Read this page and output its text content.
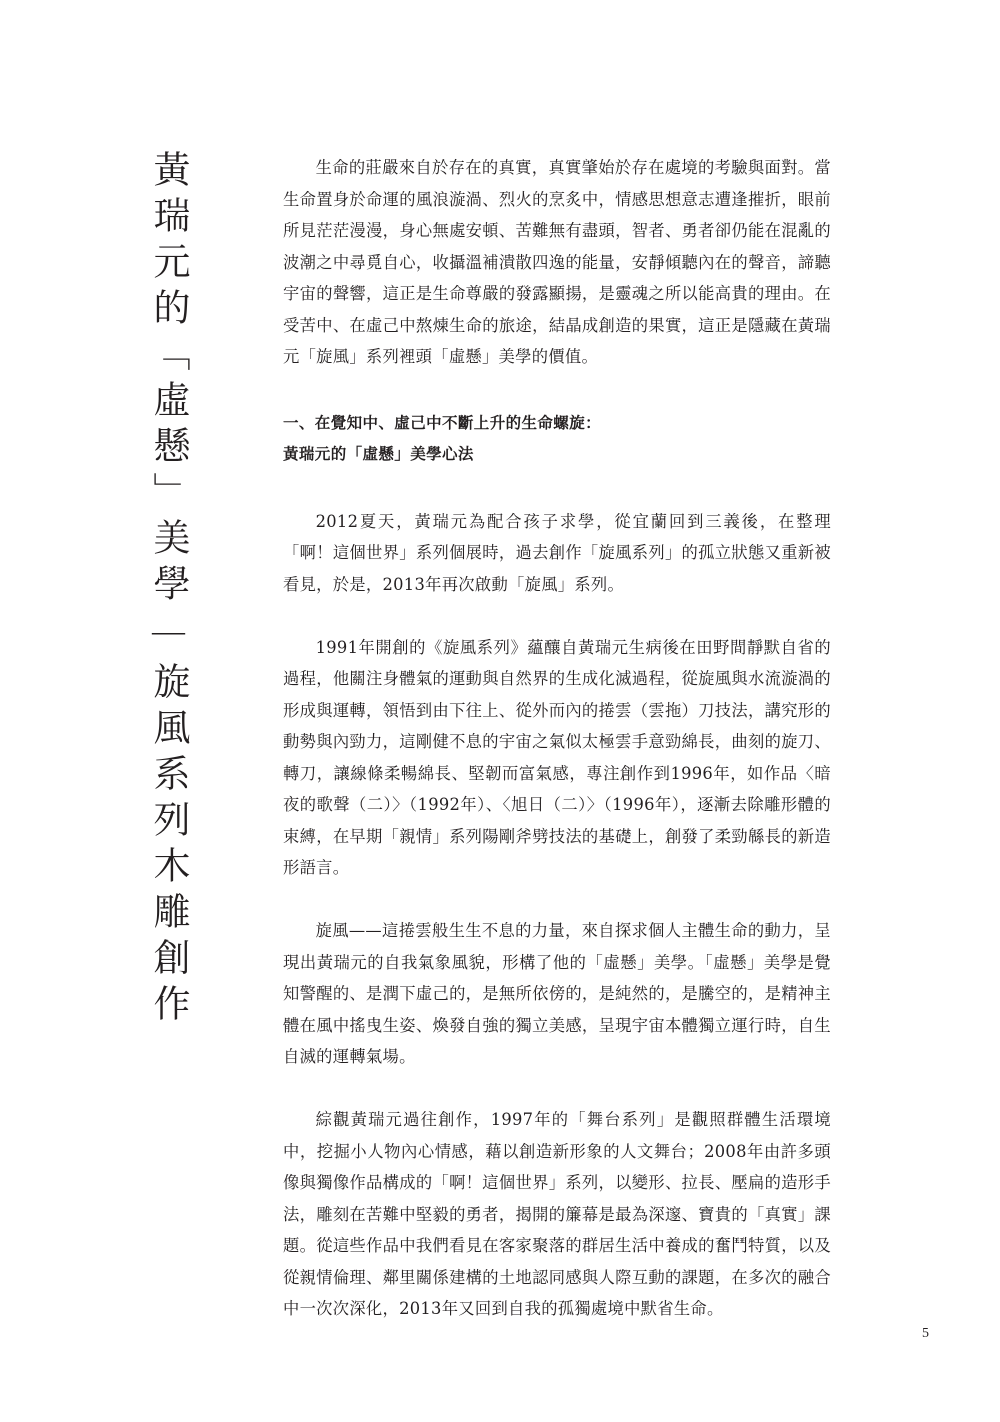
黃瑞元的「虛懸」美學—旋風系列木雕創作

生命的莊嚴來自於存在的真實，真實肇始於存在處境的考驗與面對。當生命置身於命運的風浪漩渦、烈火的烹炙中，情感思想意志遭逢摧折，眼前所見茫茫漫漫，身心無處安頓、苦難無有盡頭，智者、勇者卻仍能在混亂的波潮之中尋覓自心，收攝溫補潰散四逸的能量，安靜傾聽內在的聲音，諦聽宇宙的聲響，這正是生命尊嚴的發露顯揚，是靈魂之所以能高貴的理由。在受苦中、在虛己中熬煉生命的旅途，結晶成創造的果實，這正是隱藏在黃瑞元「旋風」系列裡頭「虛懸」美學的價值。

一、在覺知中、虛己中不斷上升的生命螺旋：
黃瑞元的「虛懸」美學心法

2012夏天，黃瑞元為配合孩子求學，從宜蘭回到三義後，在整理「啊！這個世界」系列個展時，過去創作「旋風系列」的孤立狀態又重新被看見，於是，2013年再次啟動「旋風」系列。

1991年開創的《旋風系列》蘊釀自黃瑞元生病後在田野間靜默自省的過程，他關注身體氣的運動與自然界的生成化滅過程，從旋風與水流漩渦的形成與運轉，領悟到由下往上、從外而內的捲雲（雲拖）刀技法，講究形的動勢與內勁力，這剛健不息的宇宙之氣似太極雲手意勁綿長，曲刻的旋刀、轉刀，讓線條柔暢綿長、堅韌而富氣感，專注創作到1996年，如作品〈暗夜的歌聲（二）〉（1992年）、〈旭日（二）〉（1996年），逐漸去除雕形體的束縛，在早期「親情」系列陽剛斧劈技法的基礎上，創發了柔勁緜長的新造形語言。

旋風——這捲雲般生生不息的力量，來自探求個人主體生命的動力，呈現出黃瑞元的自我氣象風貌，形構了他的「虛懸」美學。「虛懸」美學是覺知警醒的、是潤下虛己的，是無所依傍的，是純然的，是騰空的，是精神主體在風中搖曳生姿、煥發自強的獨立美感，呈現宇宙本體獨立運行時，自生自滅的運轉氣場。

綜觀黃瑞元過往創作，1997年的「舞台系列」是觀照群體生活環境中，挖掘小人物內心情感，藉以創造新形象的人文舞台；2008年由許多頭像與獨像作品構成的「啊！這個世界」系列，以變形、拉長、壓扁的造形手法，雕刻在苦難中堅毅的勇者，揭開的簾幕是最為深邃、寶貴的「真實」課題。從這些作品中我們看見在客家聚落的群居生活中養成的奮鬥特質，以及從親情倫理、鄰里關係建構的土地認同感與人際互動的課題，在多次的融合中一次次深化，2013年又回到自我的孤獨處境中默省生命。

5
